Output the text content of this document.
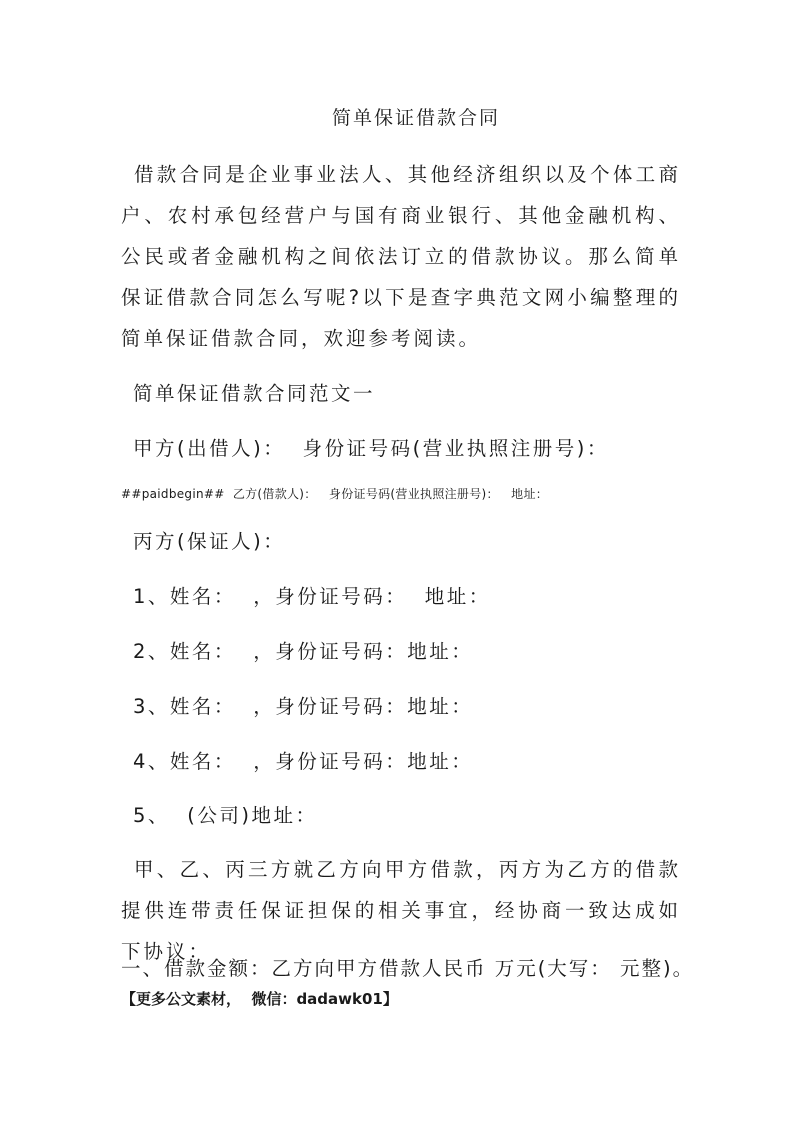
简单保证借款合同
借款合同是企业事业法人、其他经济组织以及个体工商户、农村承包经营户与国有商业银行、其他金融机构、公民或者金融机构之间依法订立的借款协议。那么简单保证借款合同怎么写呢?以下是查字典范文网小编整理的简单保证借款合同，欢迎参考阅读。
简单保证借款合同范文一
甲方(出借人)：  身份证号码(营业执照注册号)：
##paidbegin##  乙方(借款人)：   身份证号码(营业执照注册号)：   地址：
丙方(保证人)：
1、姓名：  ，身份证号码：  地址：
2、姓名：  ，身份证号码：地址：
3、姓名：  ，身份证号码：地址：
4、姓名：  ，身份证号码：地址：
5、  (公司)地址：
甲、乙、丙三方就乙方向甲方借款，丙方为乙方的借款提供连带责任保证担保的相关事宜，经协商一致达成如下协议：
一、借款金额：乙方向甲方借款人民币 万元(大写： 元整)。
【更多公文素材，  微信：dadawk01】
